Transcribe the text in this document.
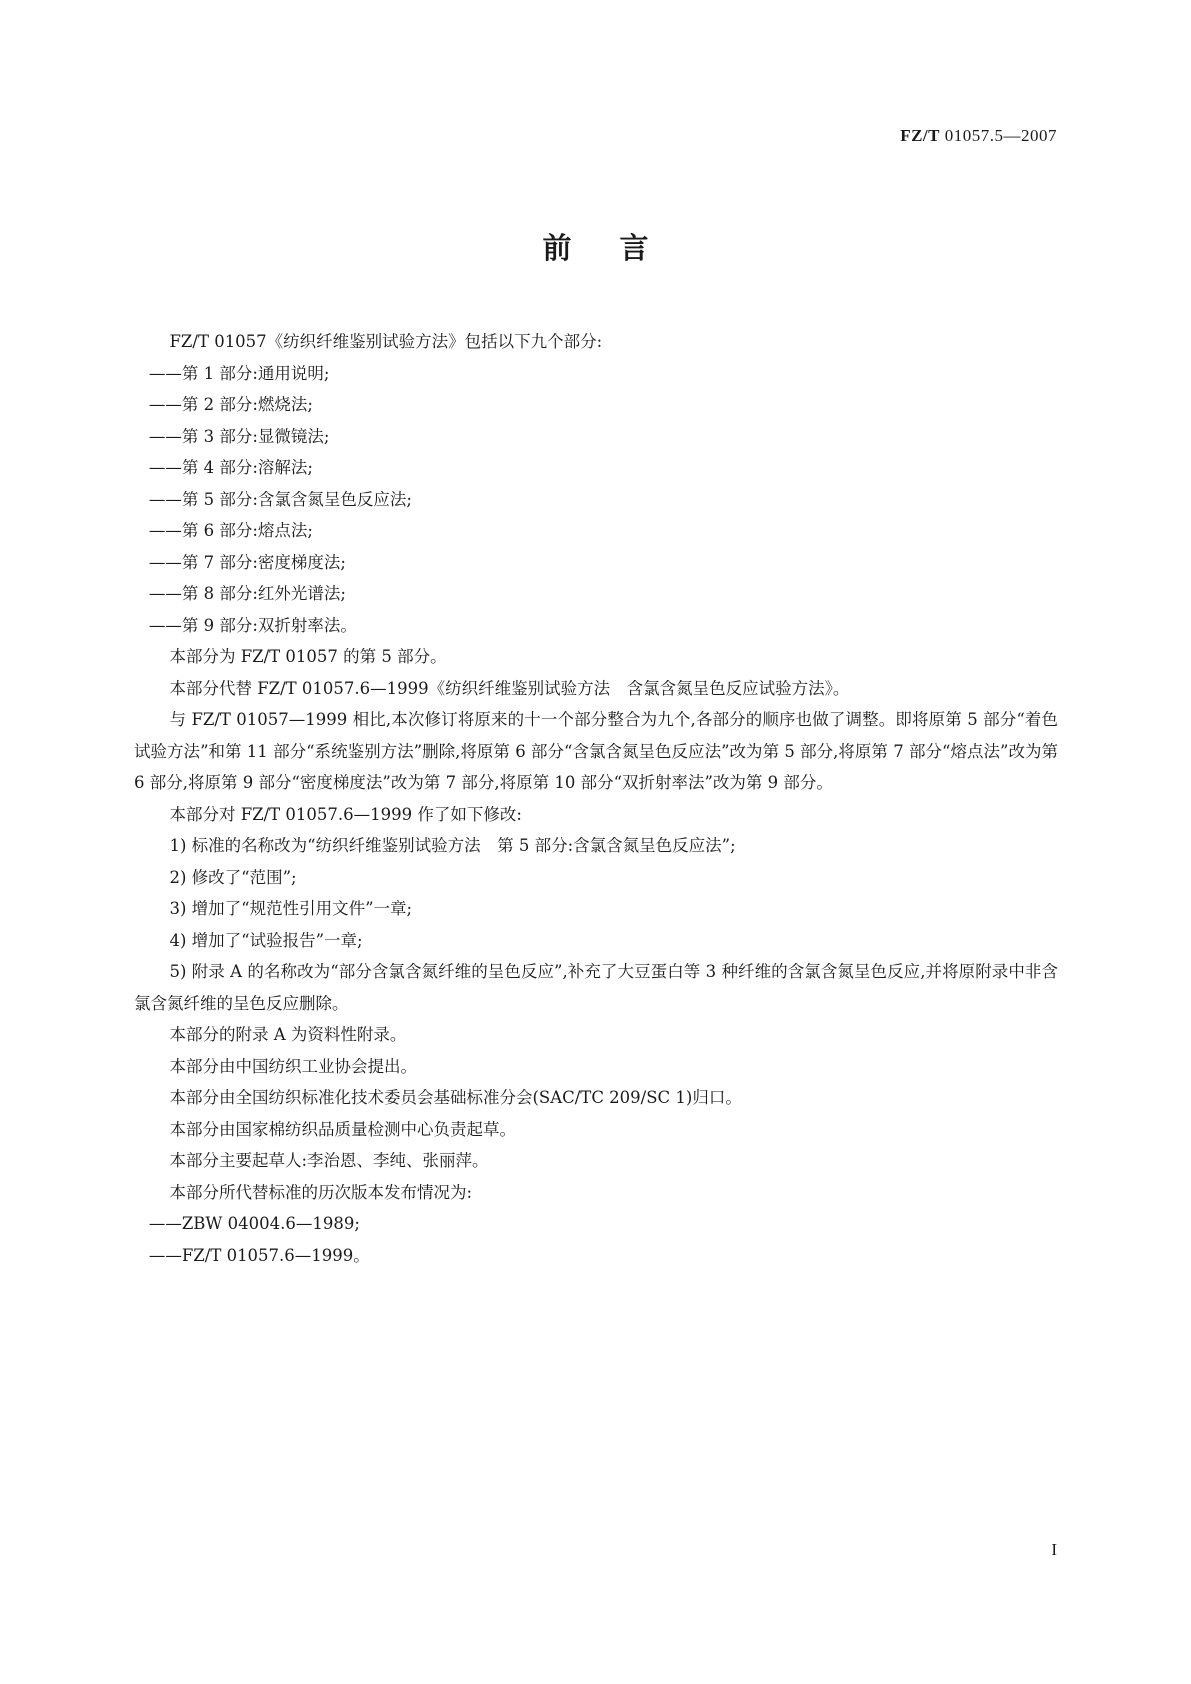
FZ/T 01057.5—2007
前言

FZ/T 01057《纺织纤维鉴别试验方法》包括以下九个部分:

——第 1 部分:通用说明;

——第 2 部分:燃烧法;

——第 3 部分:显微镜法;

——第 4 部分:溶解法;

——第 5 部分:含氯含氮呈色反应法;

——第 6 部分:熔点法;

——第 7 部分:密度梯度法;

——第 8 部分:红外光谱法;

——第 9 部分:双折射率法。

本部分为 FZ/T 01057 的第 5 部分。

本部分代替 FZ/T 01057.6—1999《纺织纤维鉴别试验方法　含氯含氮呈色反应试验方法》。

与 FZ/T 01057—1999 相比,本次修订将原来的十一个部分整合为九个,各部分的顺序也做了调整。即将原第 5 部分“着色试验方法”和第 11 部分“系统鉴别方法”删除,将原第 6 部分“含氯含氮呈色反应法”改为第 5 部分,将原第 7 部分“熔点法”改为第 6 部分,将原第 9 部分“密度梯度法”改为第 7 部分,将原第 10 部分“双折射率法”改为第 9 部分。

本部分对 FZ/T 01057.6—1999 作了如下修改:

1) 标准的名称改为“纺织纤维鉴别试验方法　第 5 部分:含氯含氮呈色反应法”;

2) 修改了“范围”;

3) 增加了“规范性引用文件”一章;

4) 增加了“试验报告”一章;

5) 附录 A 的名称改为“部分含氯含氮纤维的呈色反应”,补充了大豆蛋白等 3 种纤维的含氯含氮呈色反应,并将原附录中非含氯含氮纤维的呈色反应删除。

本部分的附录 A 为资料性附录。

本部分由中国纺织工业协会提出。

本部分由全国纺织标准化技术委员会基础标准分会(SAC/TC 209/SC 1)归口。

本部分由国家棉纺织品质量检测中心负责起草。

本部分主要起草人:李治恩、李纯、张丽萍。

本部分所代替标准的历次版本发布情况为:

——ZBW 04004.6—1989;

——FZ/T 01057.6—1999。

I
